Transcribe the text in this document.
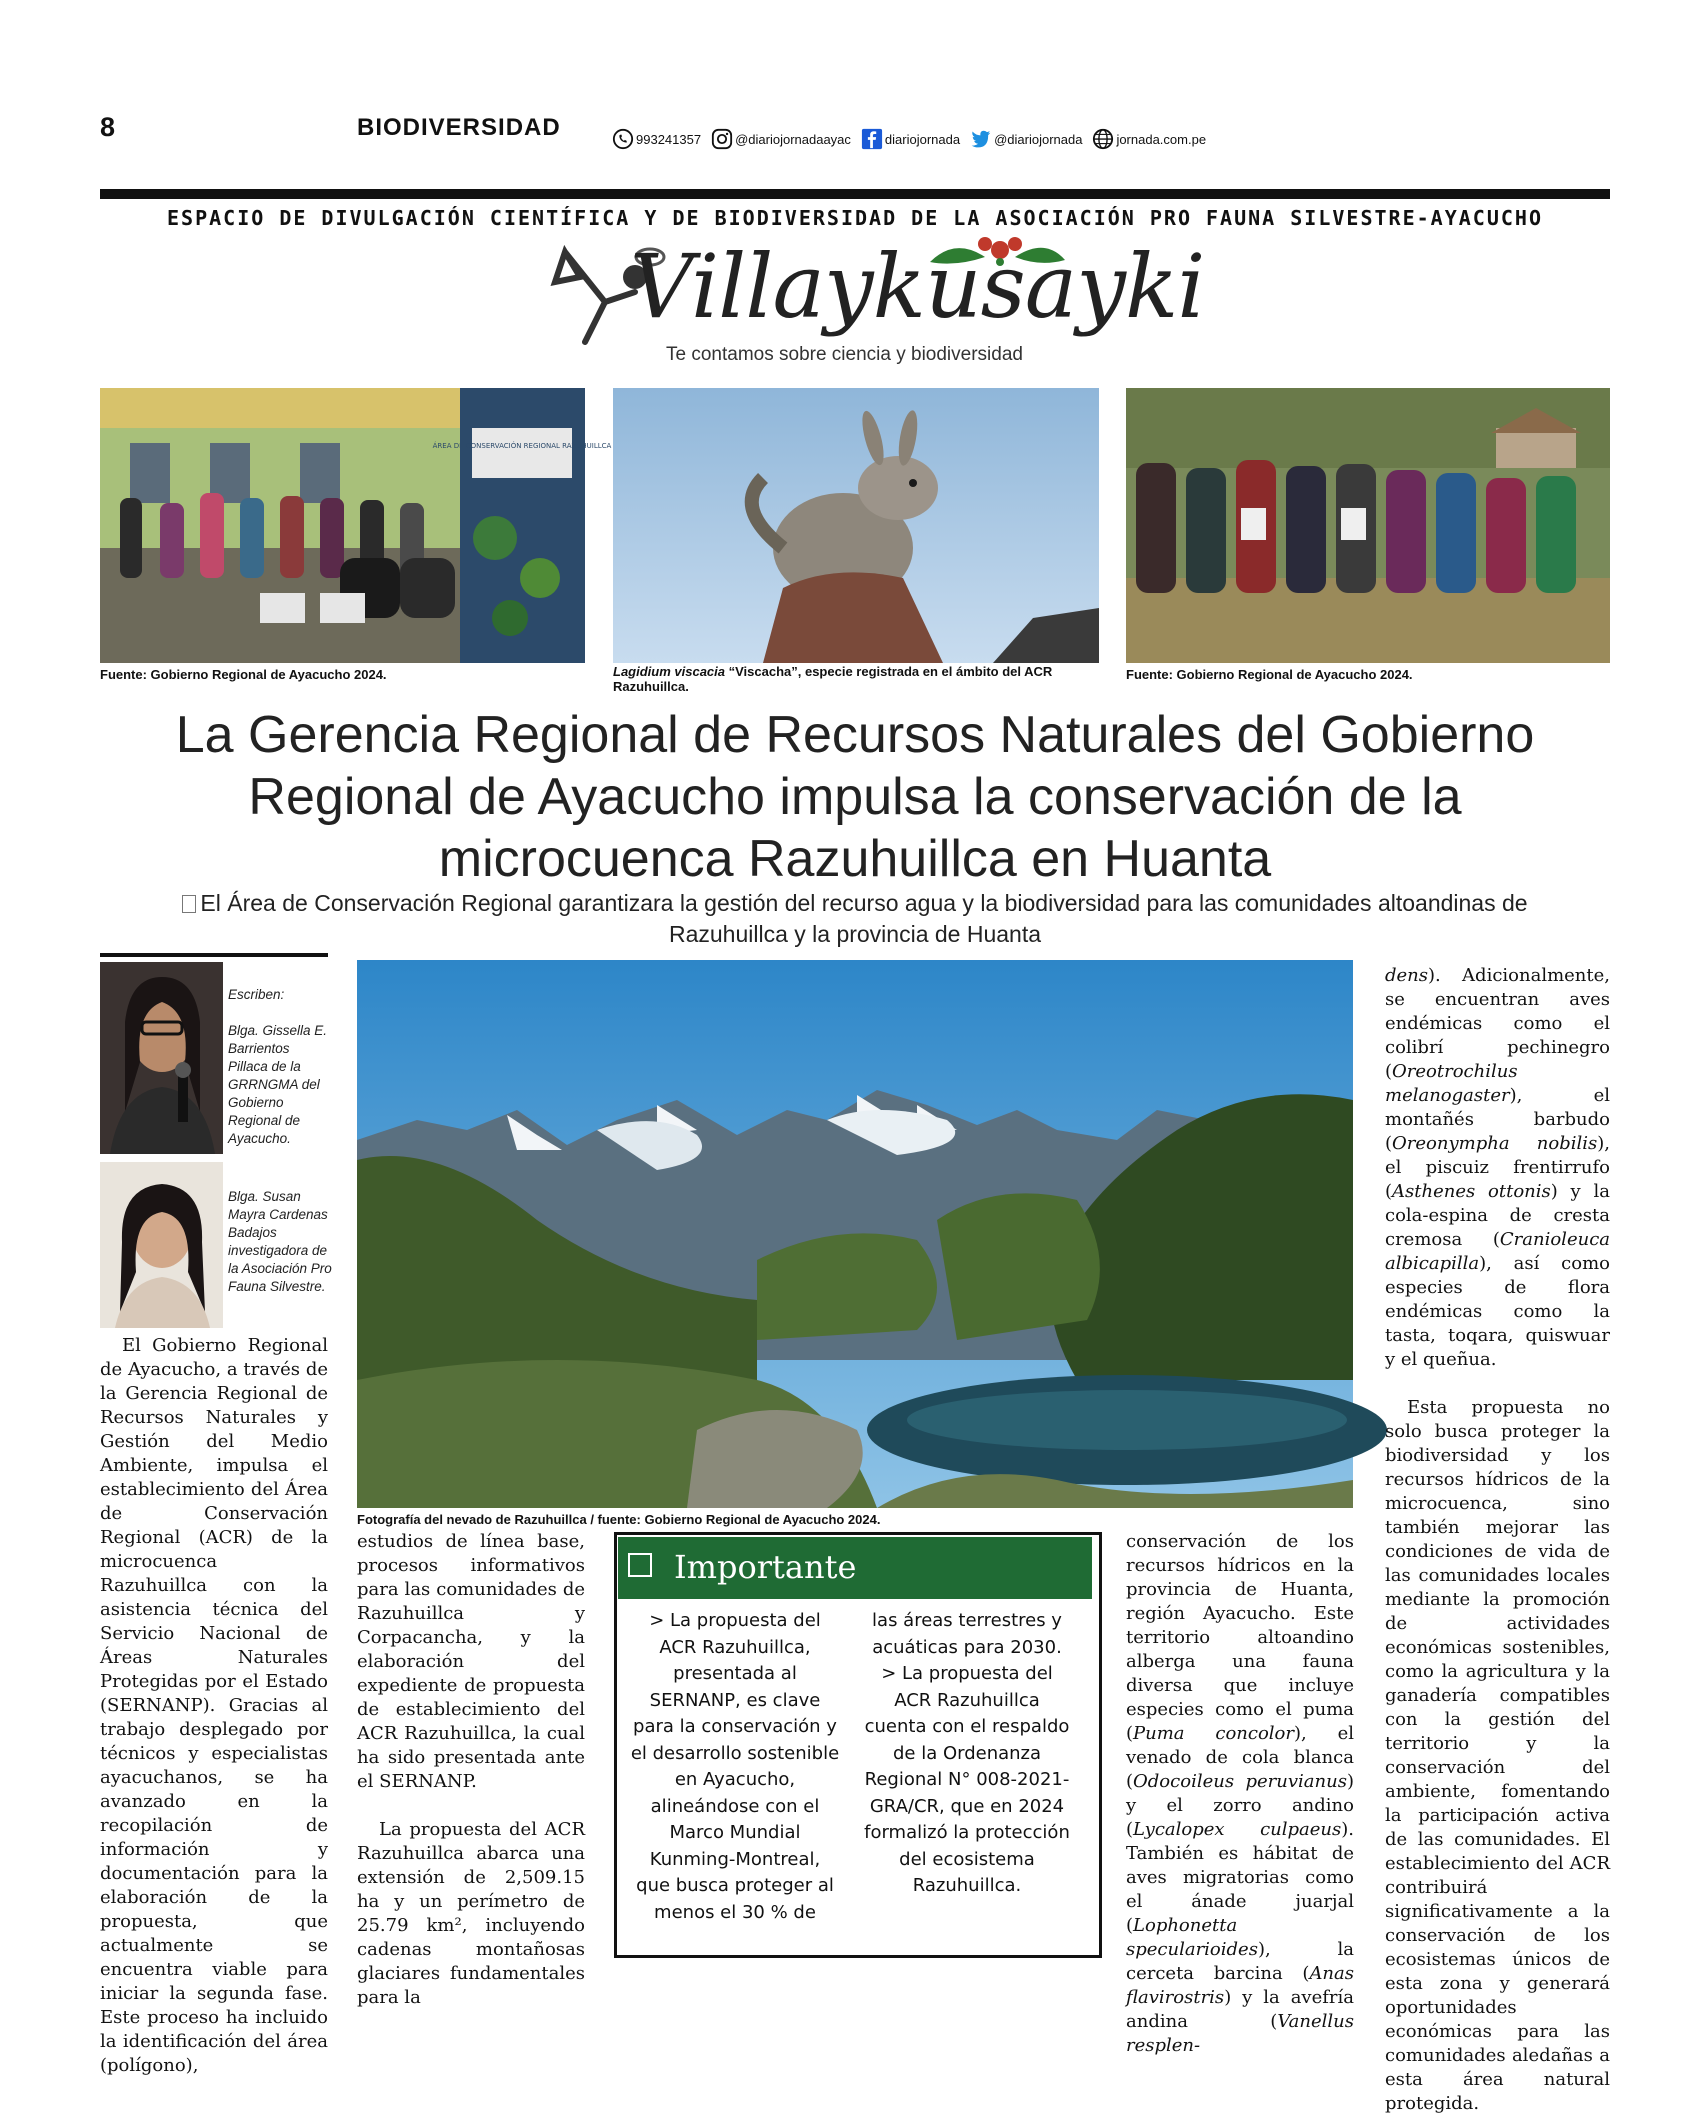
8	BIODIVERSIDAD	993241357	@diariojornadaayac	diariojornada	@diariojornada	jornada.com.pe
ESPACIO DE DIVULGACIÓN CIENTÍFICA Y DE BIODIVERSIDAD DE LA ASOCIACIÓN PRO FAUNA SILVESTRE-AYACUCHO
Villaykusayki
Te contamos sobre ciencia y biodiversidad
ÁREA DE CONSERVACIÓN REGIONAL RAZUHUILLCA
Fuente: Gobierno Regional de Ayacucho 2024.	Lagidium viscacia “Viscacha”, especie registrada en el ámbito del ACR Razuhuillca.
Fuente: Gobierno Regional de Ayacucho 2024.
La Gerencia Regional de Recursos Naturales del Gobierno Regional de Ayacucho impulsa la conservación de la microcuenca Razuhuillca en Huanta
El Área de Conservación Regional garantizara la gestión del recurso agua y la biodiversidad para las comunidades altoandinas de Razuhuillca y la provincia de Huanta
Escriben:
Blga. Gissella E. Barrientos Pillaca de la GRRNGMA del Gobierno Regional de Ayacucho.
Blga. Susan Mayra Cardenas Badajos investigadora de la Asociación Pro Fauna Silvestre.
Fotografía del nevado de Razuhuillca / fuente: Gobierno Regional de Ayacucho 2024.

El Gobierno Regional de Ayacucho, a través de la Gerencia Regional de Recursos Naturales y Gestión del Medio Ambiente, impulsa el establecimiento del Área de Conservación Regional (ACR) de la microcuenca Razuhuillca con la asistencia técnica del Servicio Nacional de Áreas Naturales Protegidas por el Estado (SERNANP). Gracias al trabajo desplegado por técnicos y especialistas ayacuchanos, se ha avanzado en la recopilación de información y documentación para la elaboración de la propuesta, que actualmente se encuentra viable para iniciar la segunda fase. Este proceso ha incluido la identificación del área (polígono),

estudios de línea base, procesos informativos para las comunidades de Razuhuillca y Corpacancha, y la elaboración del expediente de propuesta de establecimiento del ACR Razuhuillca, la cual ha sido presentada ante el SERNANP.

La propuesta del ACR Razuhuillca abarca una extensión de 2,509.15 ha y un perímetro de 25.79 km², incluyendo cadenas montañosas glaciares fundamentales para la

Importante
> La propuesta del ACR Razuhuillca, presentada al SERNANP, es clave para la conservación y el desarrollo sostenible en Ayacucho, alineándose con el Marco Mundial Kunming-Montreal, que busca proteger al menos el 30 % de
las áreas terrestres y acuáticas para 2030.
> La propuesta del ACR Razuhuillca cuenta con el respaldo de la Ordenanza Regional N° 008-2021-GRA/CR, que en 2024 formalizó la protección del ecosistema Razuhuillca.

conservación de los recursos hídricos en la provincia de Huanta, región Ayacucho. Este territorio altoandino alberga una fauna diversa que incluye especies como el puma (Puma concolor), el venado de cola blanca (Odocoileus peruvianus) y el zorro andino (Lycalopex culpaeus). También es hábitat de aves migratorias como el ánade juarjal (Lophonetta specularioides), la cerceta barcina (Anas flavirostris) y la avefría andina (Vanellus resplen-

dens). Adicionalmente, se encuentran aves endémicas como el colibrí pechinegro (Oreotrochilus melanogaster), el montañés barbudo (Oreonympha nobilis), el piscuiz frentirrufo (Asthenes ottonis) y la cola-espina de cresta cremosa (Cranioleuca albicapilla), así como especies de flora endémicas como la tasta, toqara, quiswuar y el queñua.

Esta propuesta no solo busca proteger la biodiversidad y los recursos hídricos de la microcuenca, sino también mejorar las condiciones de vida de las comunidades locales mediante la promoción de actividades económicas sostenibles, como la agricultura y la ganadería compatibles con la gestión del territorio y la conservación del ambiente, fomentando la participación activa de las comunidades. El establecimiento del ACR contribuirá significativamente a la conservación de los ecosistemas únicos de esta zona y generará oportunidades económicas para las comunidades aledañas a esta área natural protegida.
